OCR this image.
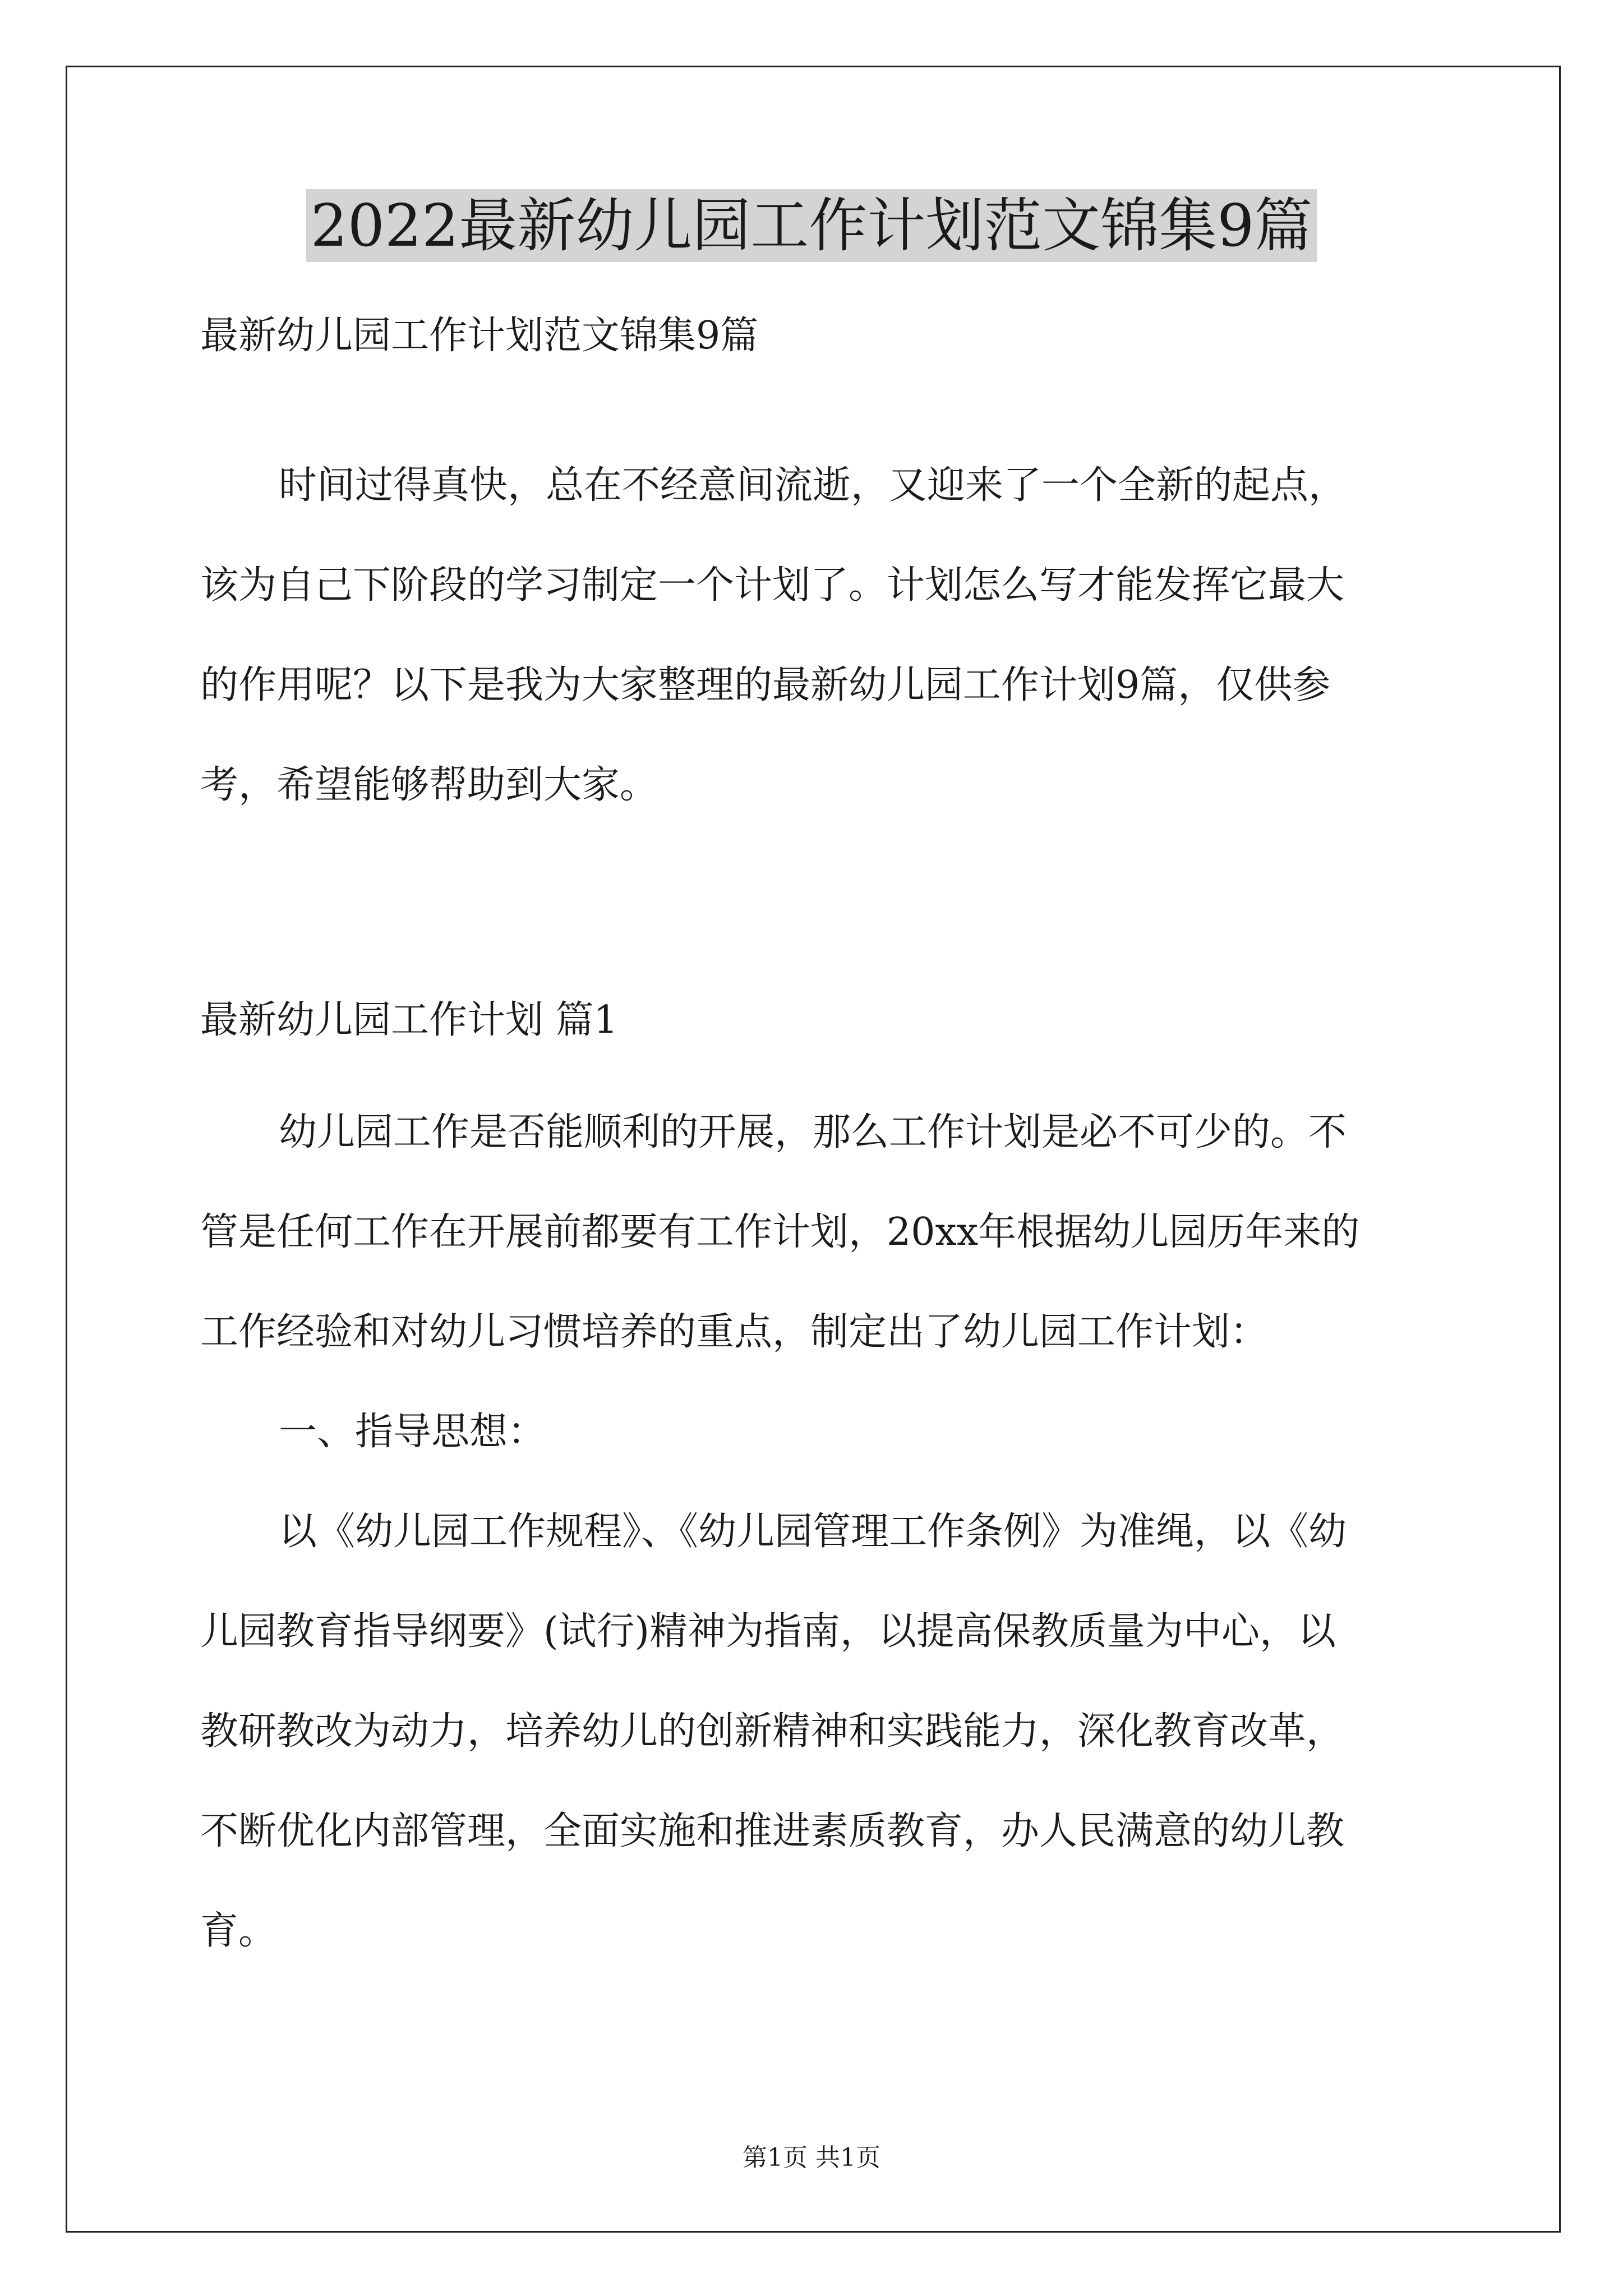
2022最新幼儿园工作计划范文锦集9篇
最新幼儿园工作计划范文锦集9篇
时间过得真快，总在不经意间流逝，又迎来了一个全新的起点，
该为自己下阶段的学习制定一个计划了。计划怎么写才能发挥它最大
的作用呢？以下是我为大家整理的最新幼儿园工作计划9篇，仅供参
考，希望能够帮助到大家。
最新幼儿园工作计划 篇1
幼儿园工作是否能顺利的开展，那么工作计划是必不可少的。不
管是任何工作在开展前都要有工作计划，20xx年根据幼儿园历年来的
工作经验和对幼儿习惯培养的重点，制定出了幼儿园工作计划：
一、指导思想：
以《幼儿园工作规程》、《幼儿园管理工作条例》为准绳，以《幼
儿园教育指导纲要》(试行)精神为指南，以提高保教质量为中心，以
教研教改为动力，培养幼儿的创新精神和实践能力，深化教育改革，
不断优化内部管理，全面实施和推进素质教育，办人民满意的幼儿教
育。
第1页 共1页
